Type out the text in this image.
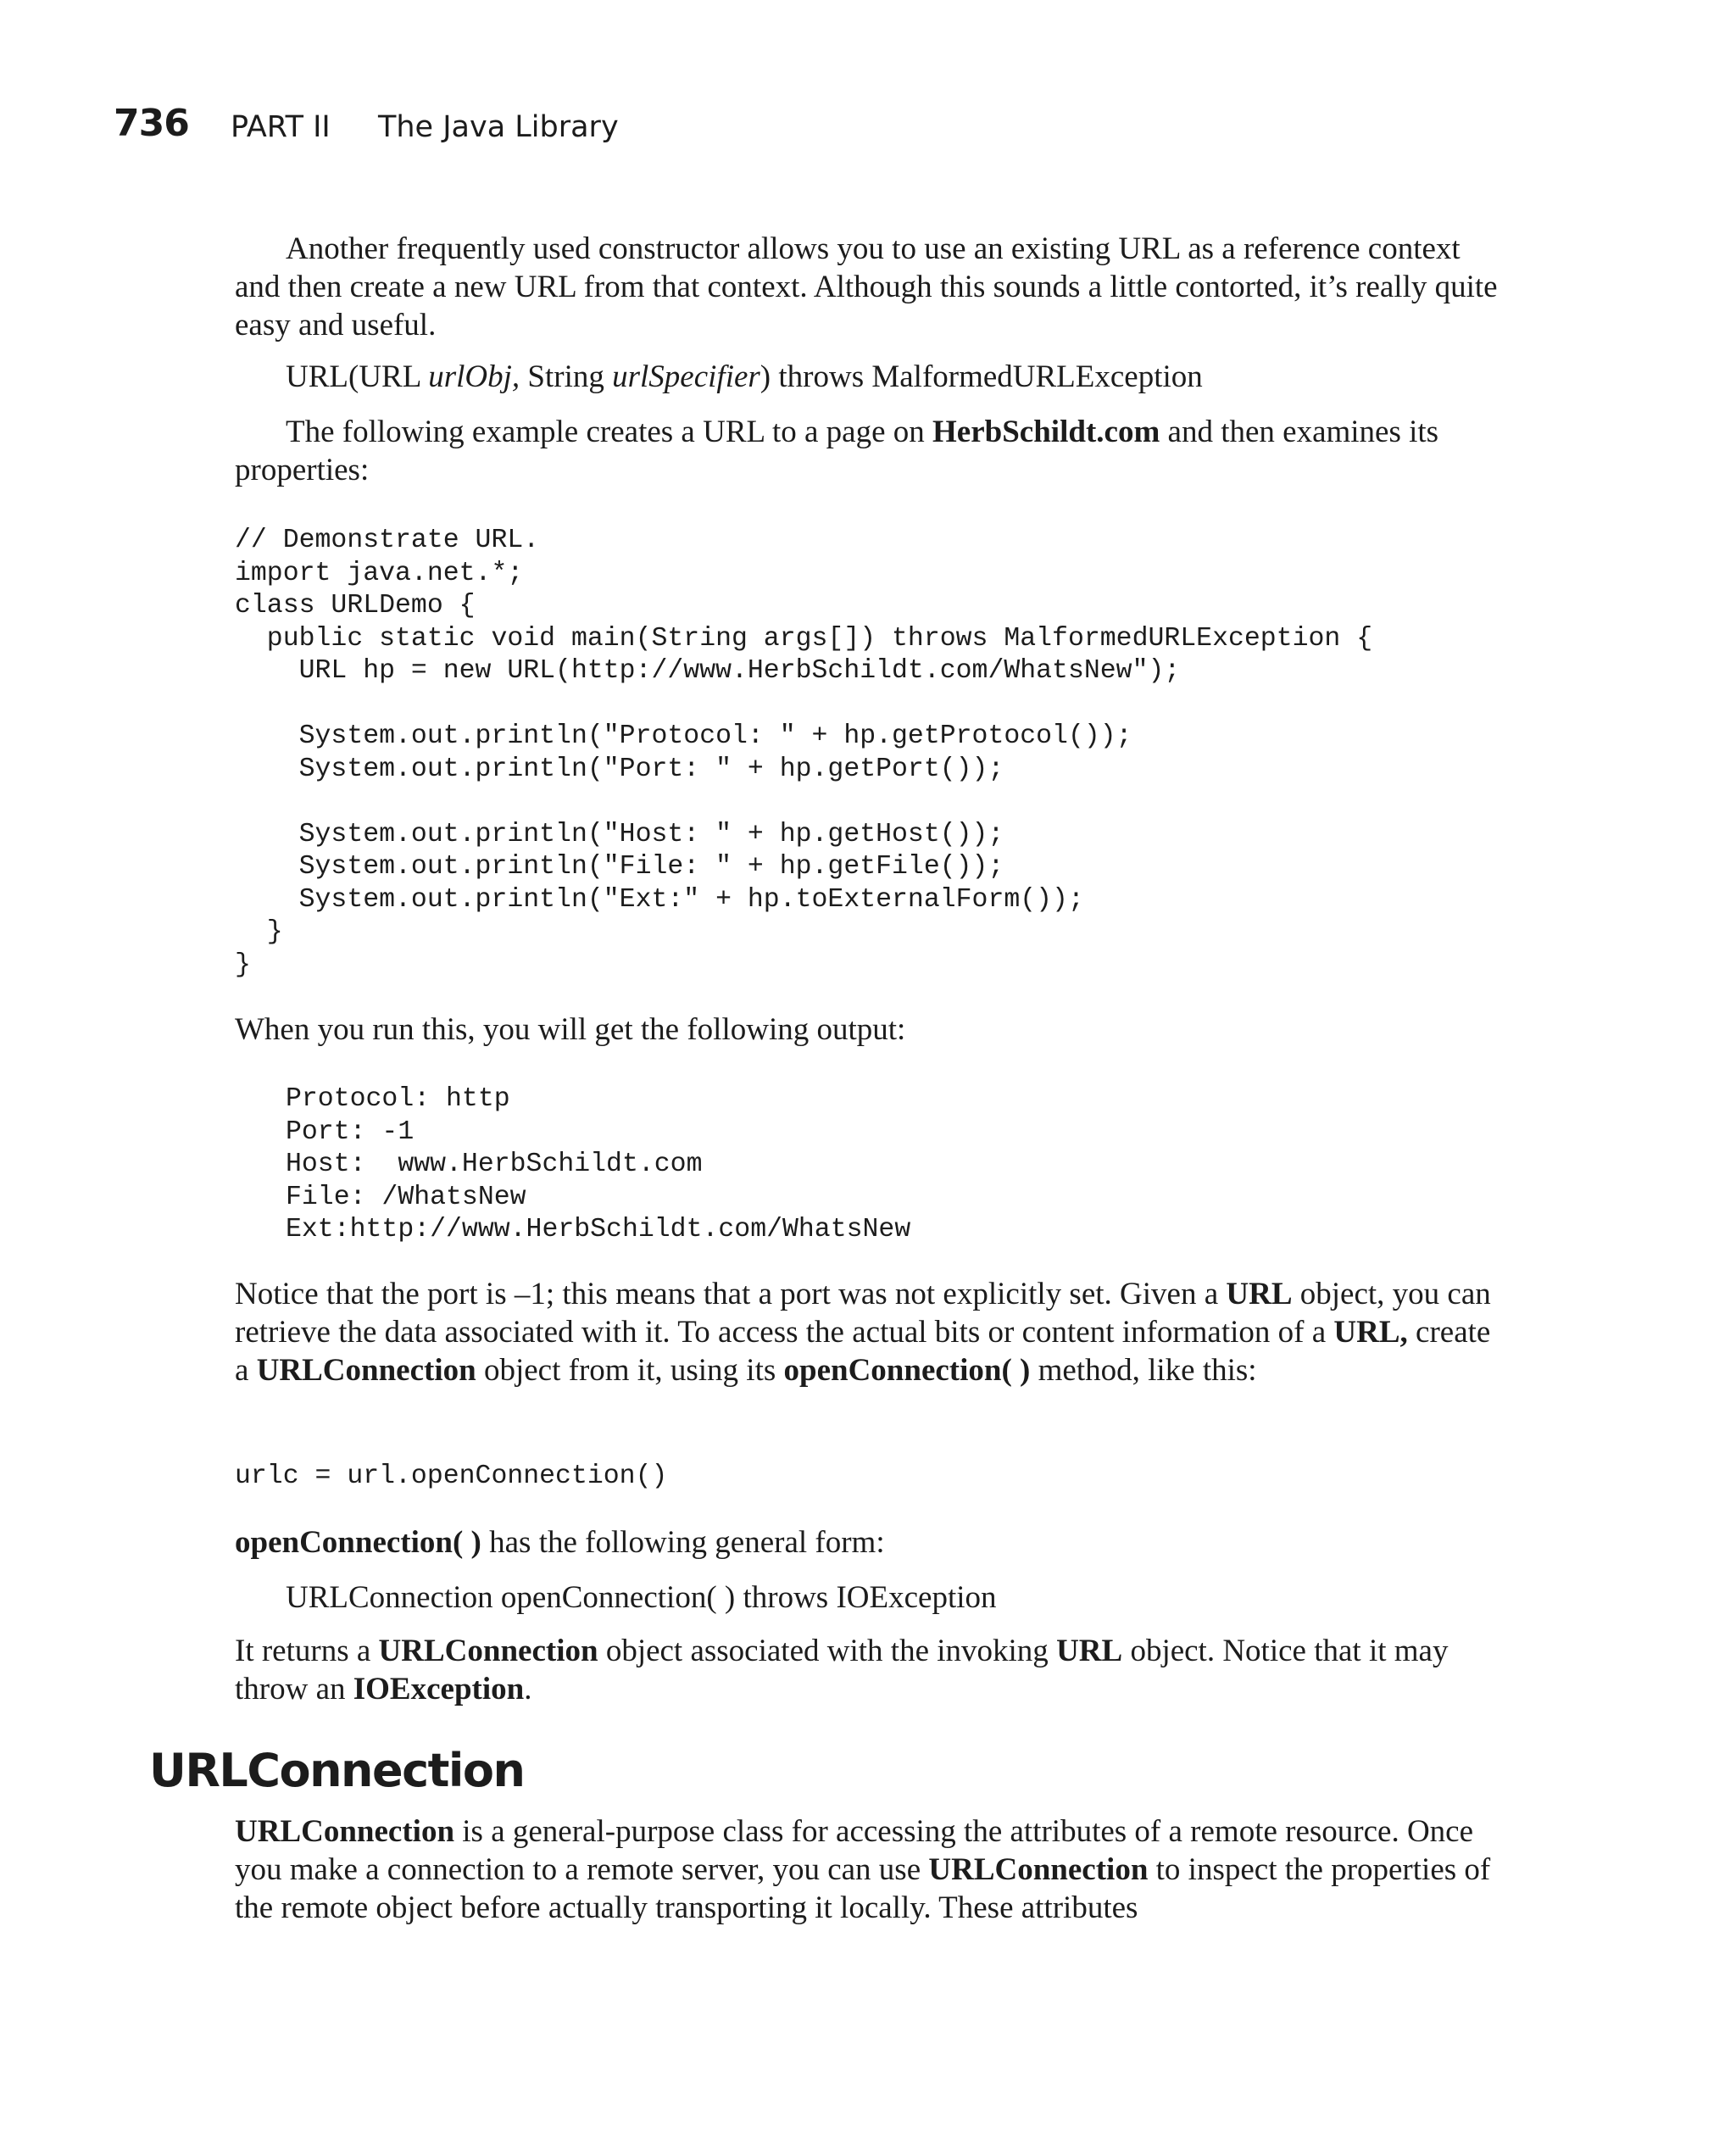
736 PART II The Java Library
Another frequently used constructor allows you to use an existing URL as a reference context and then create a new URL from that context. Although this sounds a little contorted, it’s really quite easy and useful.
URL(URL urlObj, String urlSpecifier) throws MalformedURLException
The following example creates a URL to a page on HerbSchildt.com and then examines its properties:
// Demonstrate URL.
import java.net.*;
class URLDemo {
public static void main(String args[]) throws MalformedURLException {
URL hp = new URL(http://www.HerbSchildt.com/WhatsNew");

System.out.println("Protocol: " + hp.getProtocol());
System.out.println("Port: " + hp.getPort());

System.out.println("Host: " + hp.getHost());
System.out.println("File: " + hp.getFile());
System.out.println("Ext:" + hp.toExternalForm());
}
}
When you run this, you will get the following output:
Protocol: http
Port: -1
Host:  www.HerbSchildt.com
File: /WhatsNew
Ext:http://www.HerbSchildt.com/WhatsNew
Notice that the port is –1; this means that a port was not explicitly set. Given a URL object, you can retrieve the data associated with it. To access the actual bits or content information of a URL, create a URLConnection object from it, using its openConnection( ) method, like this:
urlc = url.openConnection()
openConnection( ) has the following general form:
URLConnection openConnection( ) throws IOException
It returns a URLConnection object associated with the invoking URL object. Notice that it may throw an IOException.
URLConnection
URLConnection is a general-purpose class for accessing the attributes of a remote resource. Once you make a connection to a remote server, you can use URLConnection to inspect the properties of the remote object before actually transporting it locally. These attributes
